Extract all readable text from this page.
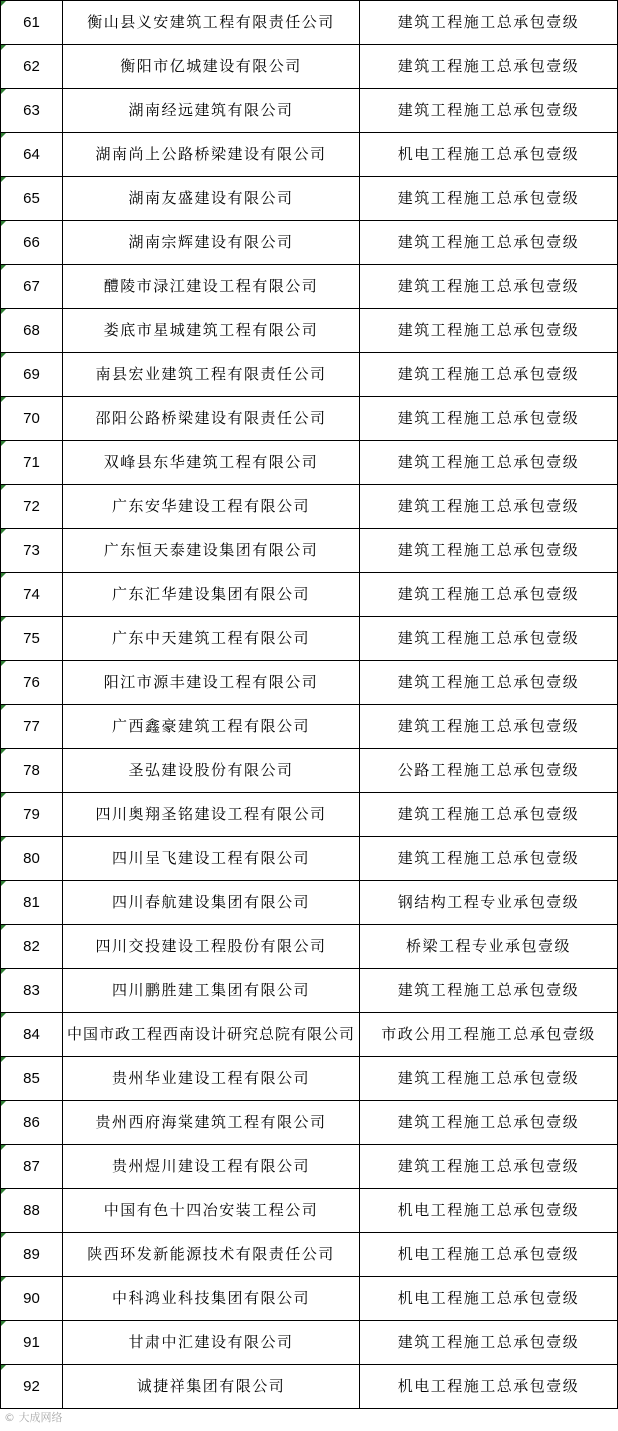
61	衡山县义安建筑工程有限责任公司	建筑工程施工总承包壹级
62	衡阳市亿城建设有限公司	建筑工程施工总承包壹级
63	湖南经远建筑有限公司	建筑工程施工总承包壹级
64	湖南尚上公路桥梁建设有限公司	机电工程施工总承包壹级
65	湖南友盛建设有限公司	建筑工程施工总承包壹级
66	湖南宗辉建设有限公司	建筑工程施工总承包壹级
67	醴陵市渌江建设工程有限公司	建筑工程施工总承包壹级
68	娄底市星城建筑工程有限公司	建筑工程施工总承包壹级
69	南县宏业建筑工程有限责任公司	建筑工程施工总承包壹级
70	邵阳公路桥梁建设有限责任公司	建筑工程施工总承包壹级
71	双峰县东华建筑工程有限公司	建筑工程施工总承包壹级
72	广东安华建设工程有限公司	建筑工程施工总承包壹级
73	广东恒天泰建设集团有限公司	建筑工程施工总承包壹级
74	广东汇华建设集团有限公司	建筑工程施工总承包壹级
75	广东中天建筑工程有限公司	建筑工程施工总承包壹级
76	阳江市源丰建设工程有限公司	建筑工程施工总承包壹级
77	广西鑫豪建筑工程有限公司	建筑工程施工总承包壹级
78	圣弘建设股份有限公司	公路工程施工总承包壹级
79	四川奥翔圣铭建设工程有限公司	建筑工程施工总承包壹级
80	四川呈飞建设工程有限公司	建筑工程施工总承包壹级
81	四川春航建设集团有限公司	钢结构工程专业承包壹级
82	四川交投建设工程股份有限公司	桥梁工程专业承包壹级
83	四川鹏胜建工集团有限公司	建筑工程施工总承包壹级
84	中国市政工程西南设计研究总院有限公司	市政公用工程施工总承包壹级
85	贵州华业建设工程有限公司	建筑工程施工总承包壹级
86	贵州西府海棠建筑工程有限公司	建筑工程施工总承包壹级
87	贵州煜川建设工程有限公司	建筑工程施工总承包壹级
88	中国有色十四冶安装工程公司	机电工程施工总承包壹级
89	陕西环发新能源技术有限责任公司	机电工程施工总承包壹级
90	中科鸿业科技集团有限公司	机电工程施工总承包壹级
91	甘肃中汇建设有限公司	建筑工程施工总承包壹级
92	诚捷祥集团有限公司	机电工程施工总承包壹级
© 大成网络
